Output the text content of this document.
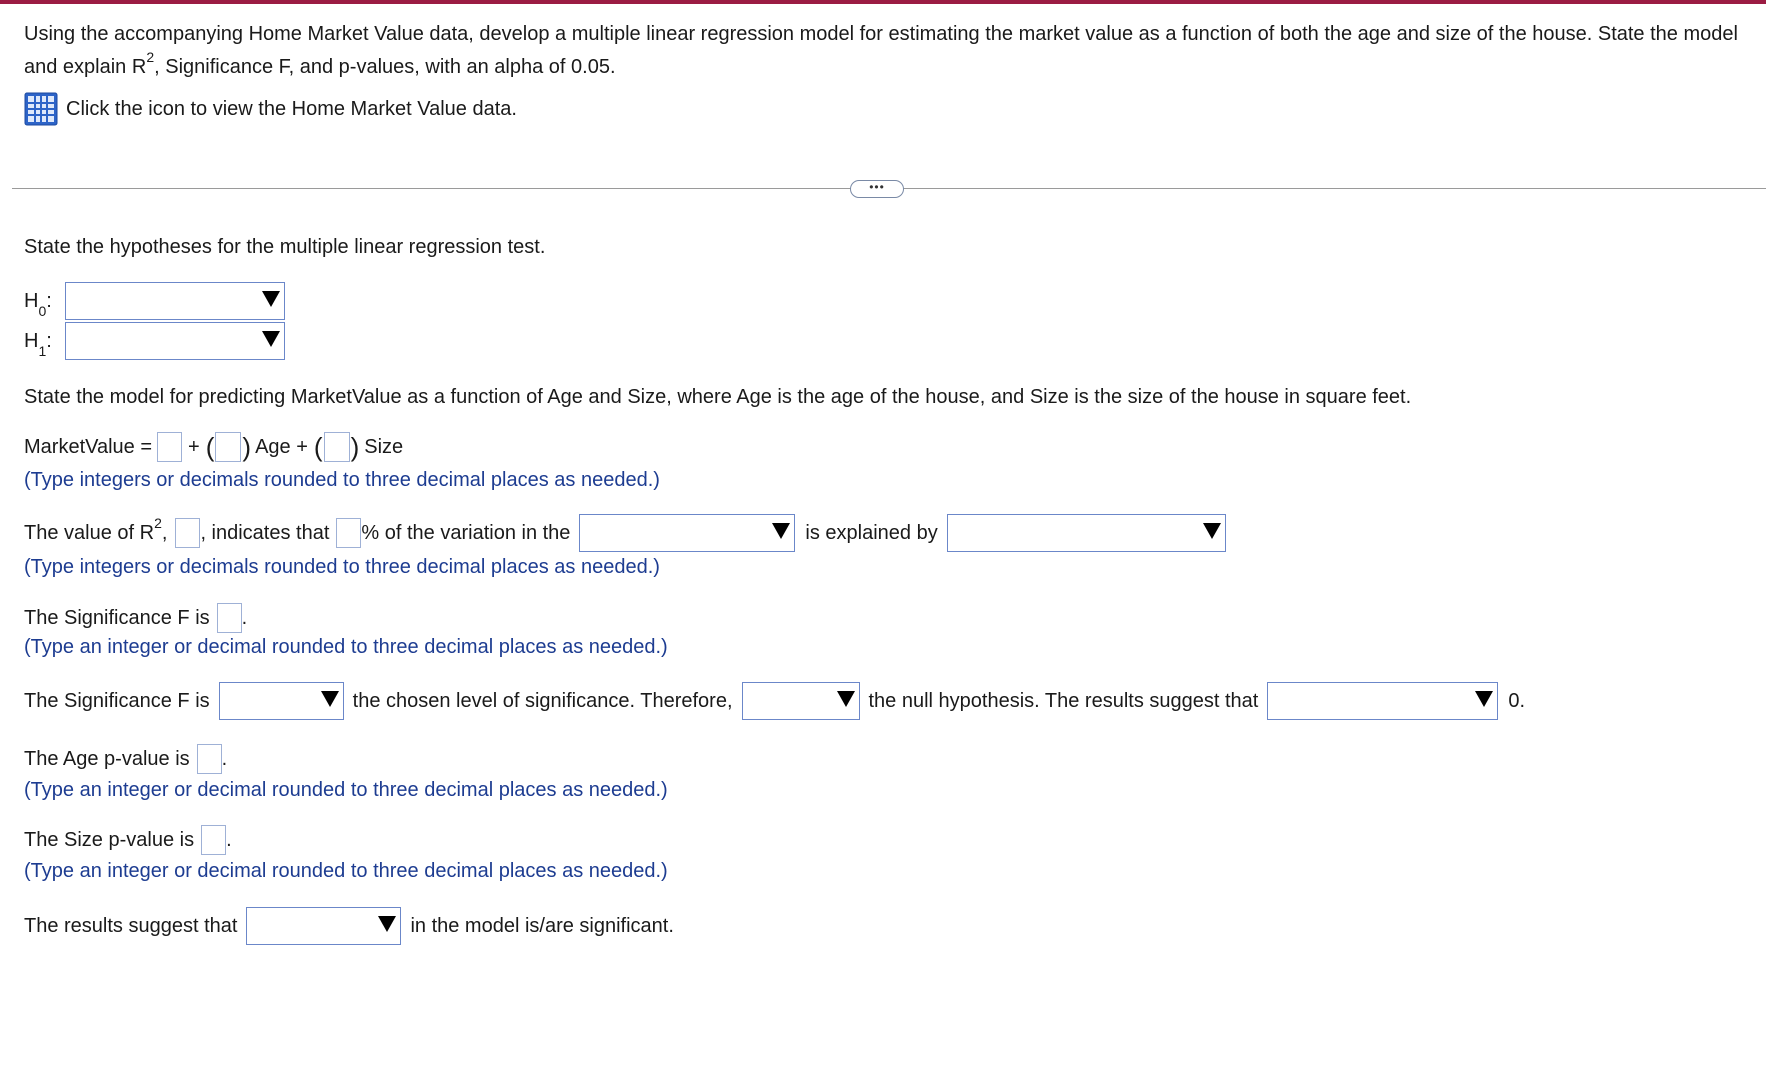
Using the accompanying Home Market Value data, develop a multiple linear regression model for estimating the market value as a function of both the age and size of the house. State the model and explain $R^2$, Significance F, and p-values, with an alpha of 0.05.
Click the icon to view the Home Market Value data.
•••
State the hypotheses for the multiple linear regression test.
$H_0$:
$H_1$:
State the model for predicting MarketValue as a function of Age and Size, where Age is the age of the house, and Size is the size of the house in square feet.
MarketValue = + ( ) Age + ( ) Size
(Type integers or decimals rounded to three decimal places as needed.)
The value of $R^2$, , indicates that % of the variation in the	is explained by
(Type integers or decimals rounded to three decimal places as needed.)
The Significance F is .
(Type an integer or decimal rounded to three decimal places as needed.)
The Significance F is	the chosen level of significance. Therefore,	the null hypothesis. The results suggest that	0.
The Age p-value is .
(Type an integer or decimal rounded to three decimal places as needed.)
The Size p-value is .
(Type an integer or decimal rounded to three decimal places as needed.)
The results suggest that	in the model is/are significant.
